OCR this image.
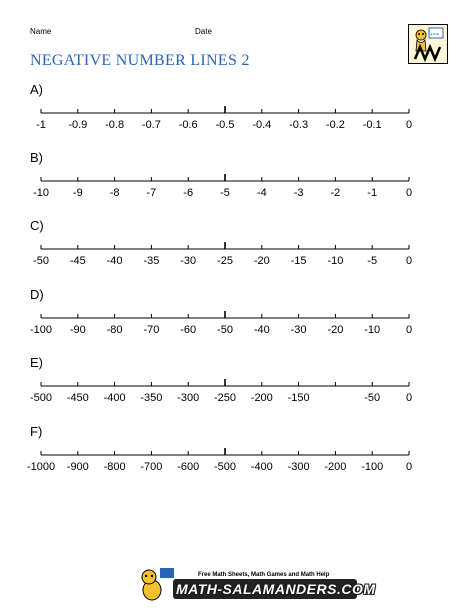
Name	Date
NEGATIVE NUMBER LINES 2
+×=
A)
-1 -0.9 -0.8 -0.7 -0.6 -0.5 -0.4 -0.3 -0.2 -0.1 0
B)
-10 -9 -8 -7 -6 -5 -4 -3 -2 -1	0
C)
-50 -45 -40 -35 -30 -25 -20 -15 -10 -5	0
D)
-100 -90 -80 -70 -60 -50 -40 -30 -20 -10 0
E)
-500 -450 -400 -350 -300 -250 -200 -150	-50 0
F)
-1000 -900 -800 -700 -600 -500 -400 -300 -200 -100 0
Free Math Sheets, Math Games and Math Help
MATH-SALAMANDERS.COM
